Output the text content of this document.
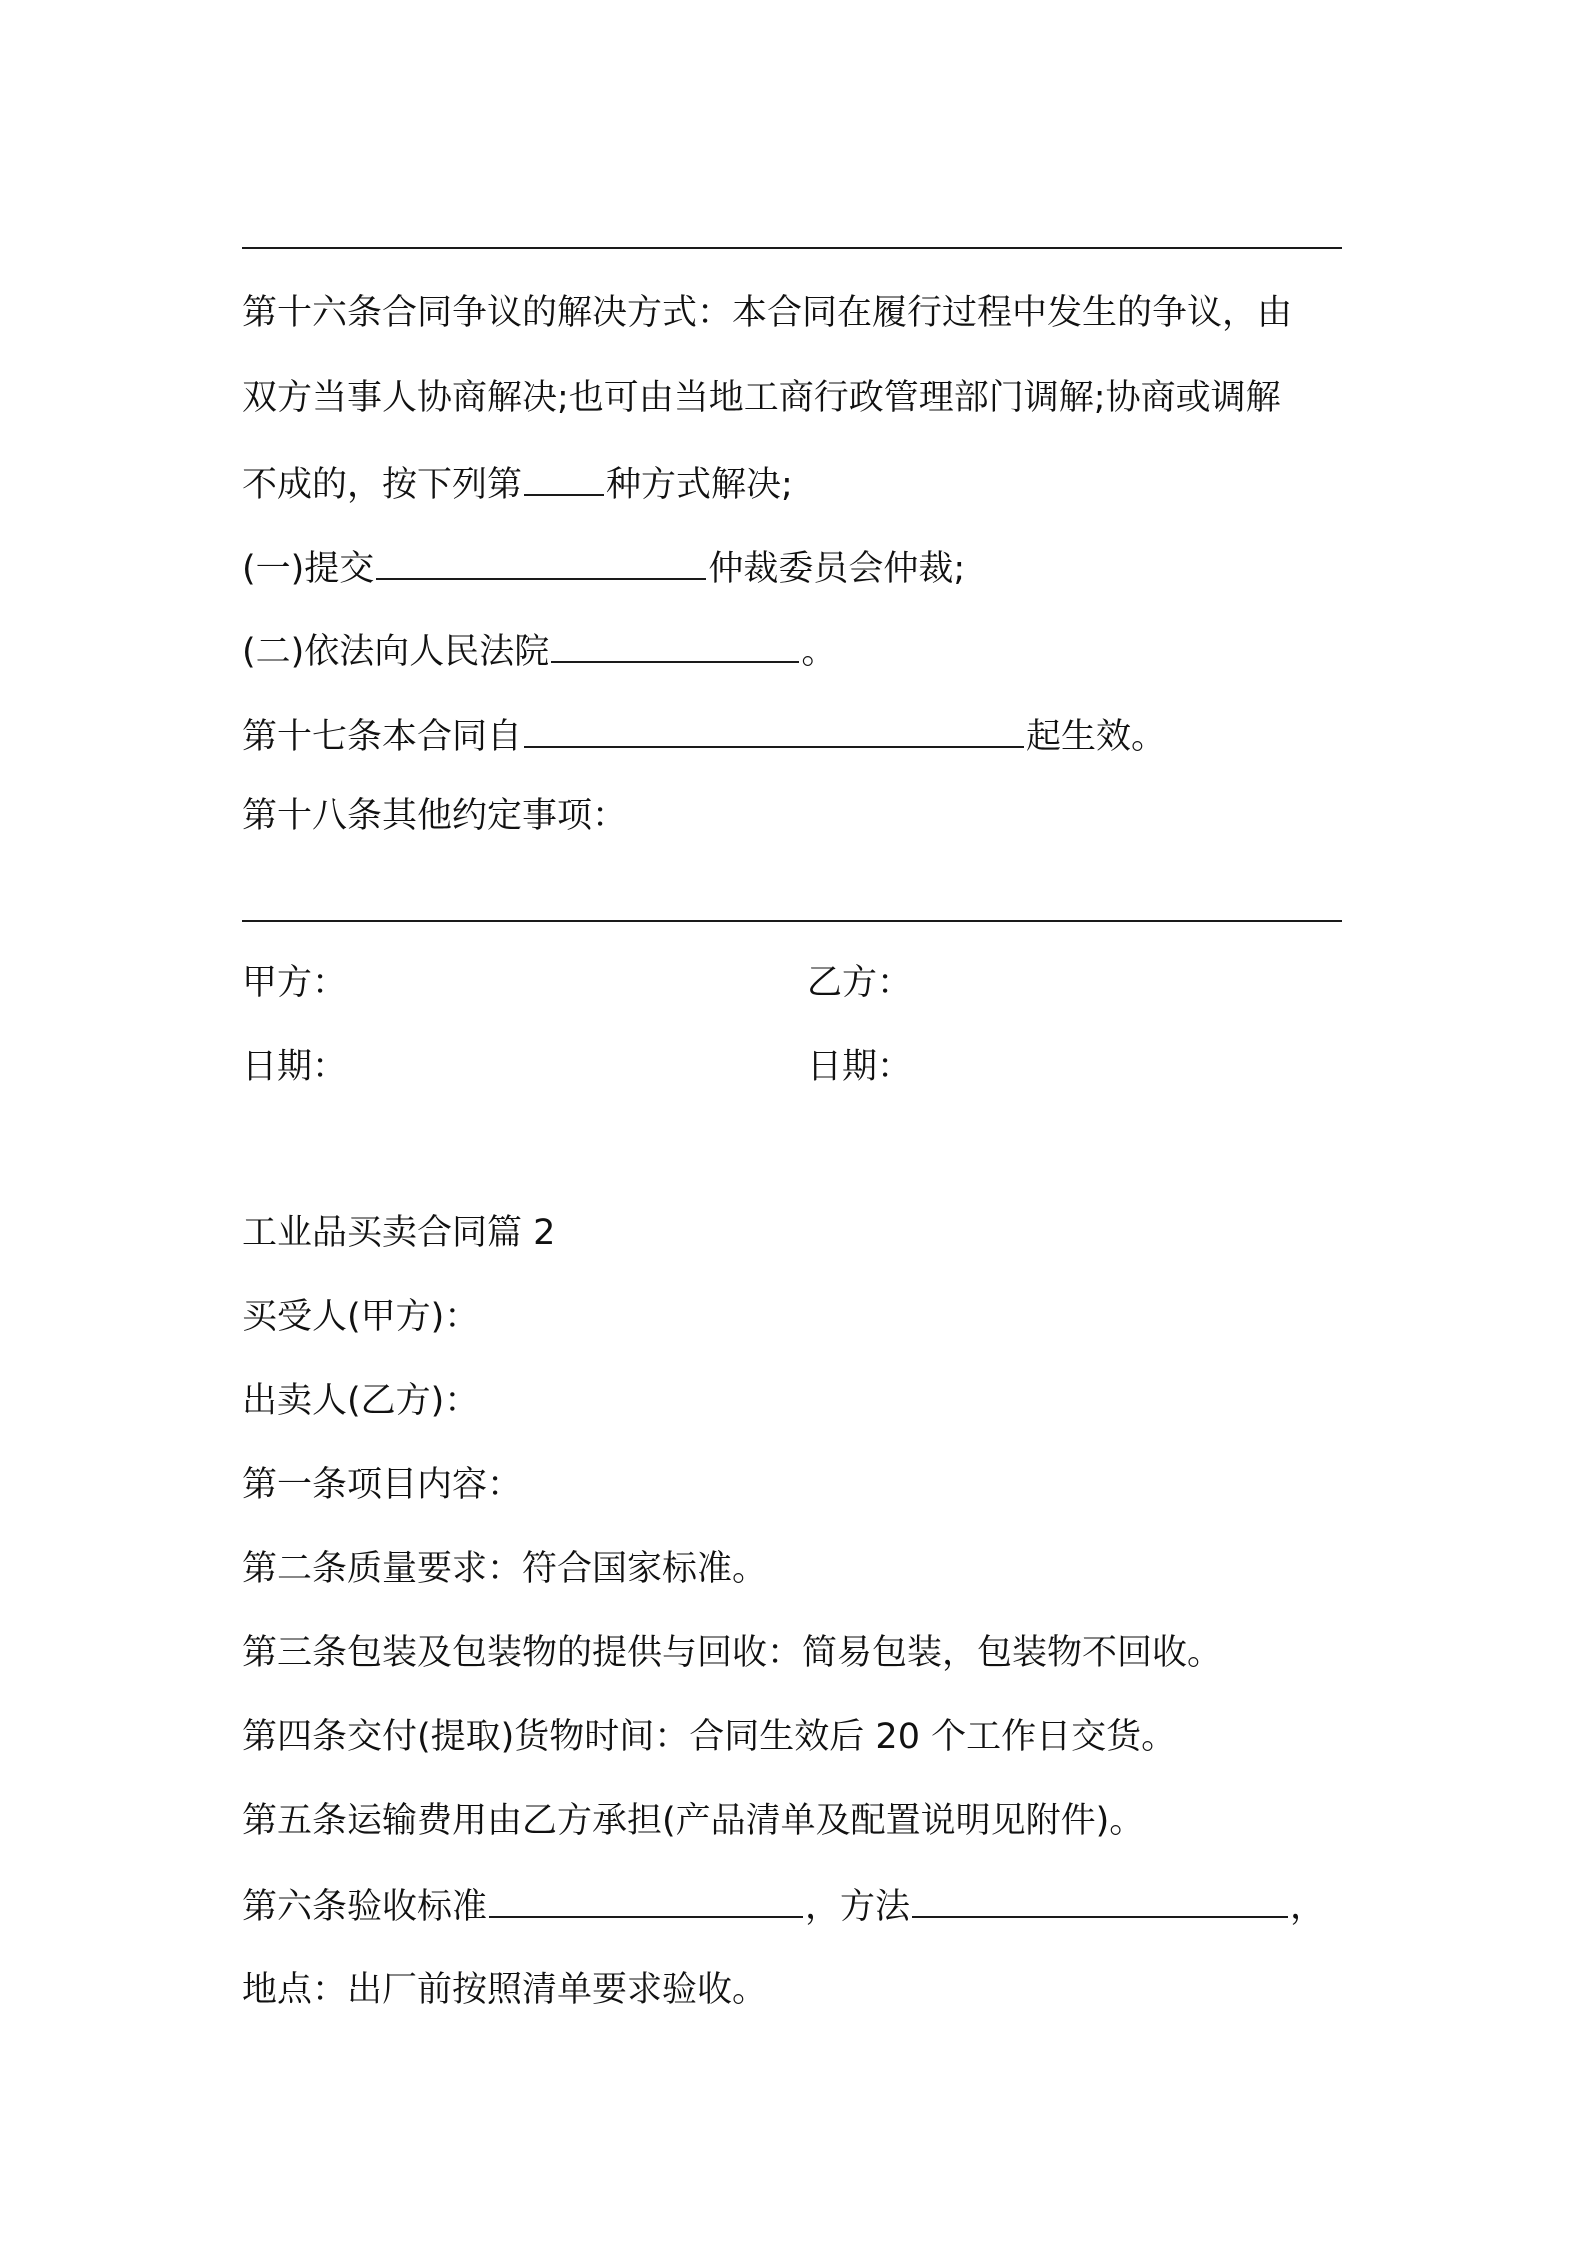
第十六条合同争议的解决方式：本合同在履行过程中发生的争议，由
双方当事人协商解决;也可由当地工商行政管理部门调解;协商或调解
不成的，按下列第 种方式解决;
(一)提交	仲裁委员会仲裁;
(二)依法向人民法院	。
第十七条本合同自	起生效。
第十八条其他约定事项：
甲方：	乙方：
日期：	日期：
工业品买卖合同篇 2
买受人(甲方)：
出卖人(乙方)：
第一条项目内容：
第二条质量要求：符合国家标准。
第三条包装及包装物的提供与回收：简易包装，包装物不回收。
第四条交付(提取)货物时间：合同生效后 20 个工作日交货。
第五条运输费用由乙方承担(产品清单及配置说明见附件)。
第六条验收标准	，方法	，
地点：出厂前按照清单要求验收。
